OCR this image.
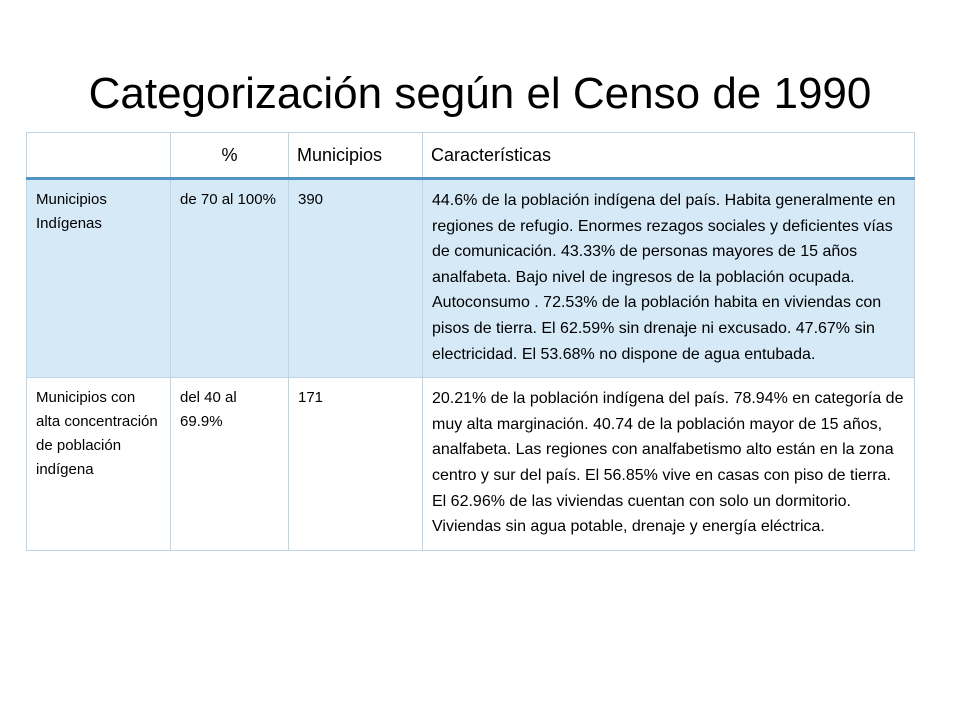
Categorización según el Censo de 1990
	%	Municipios	Características
Municipios Indígenas	de 70 al 100%	390	44.6% de la población indígena del país. Habita generalmente en regiones de refugio. Enormes rezagos sociales y deficientes vías de comunicación. 43.33% de personas mayores de 15 años analfabeta. Bajo nivel de ingresos de la población ocupada. Autoconsumo . 72.53% de la población habita en viviendas con pisos de tierra. El 62.59% sin drenaje ni excusado. 47.67% sin electricidad. El 53.68% no dispone de agua entubada.
Municipios con alta concentración de población indígena	del 40 al 69.9%	171	20.21% de la población indígena del país. 78.94% en categoría de muy alta marginación. 40.74 de la población mayor de 15 años, analfabeta. Las regiones con analfabetismo alto están en la zona centro y sur del país. El 56.85% vive en casas con piso de tierra. El 62.96% de las viviendas cuentan con solo un dormitorio. Viviendas sin agua potable, drenaje y energía eléctrica.
